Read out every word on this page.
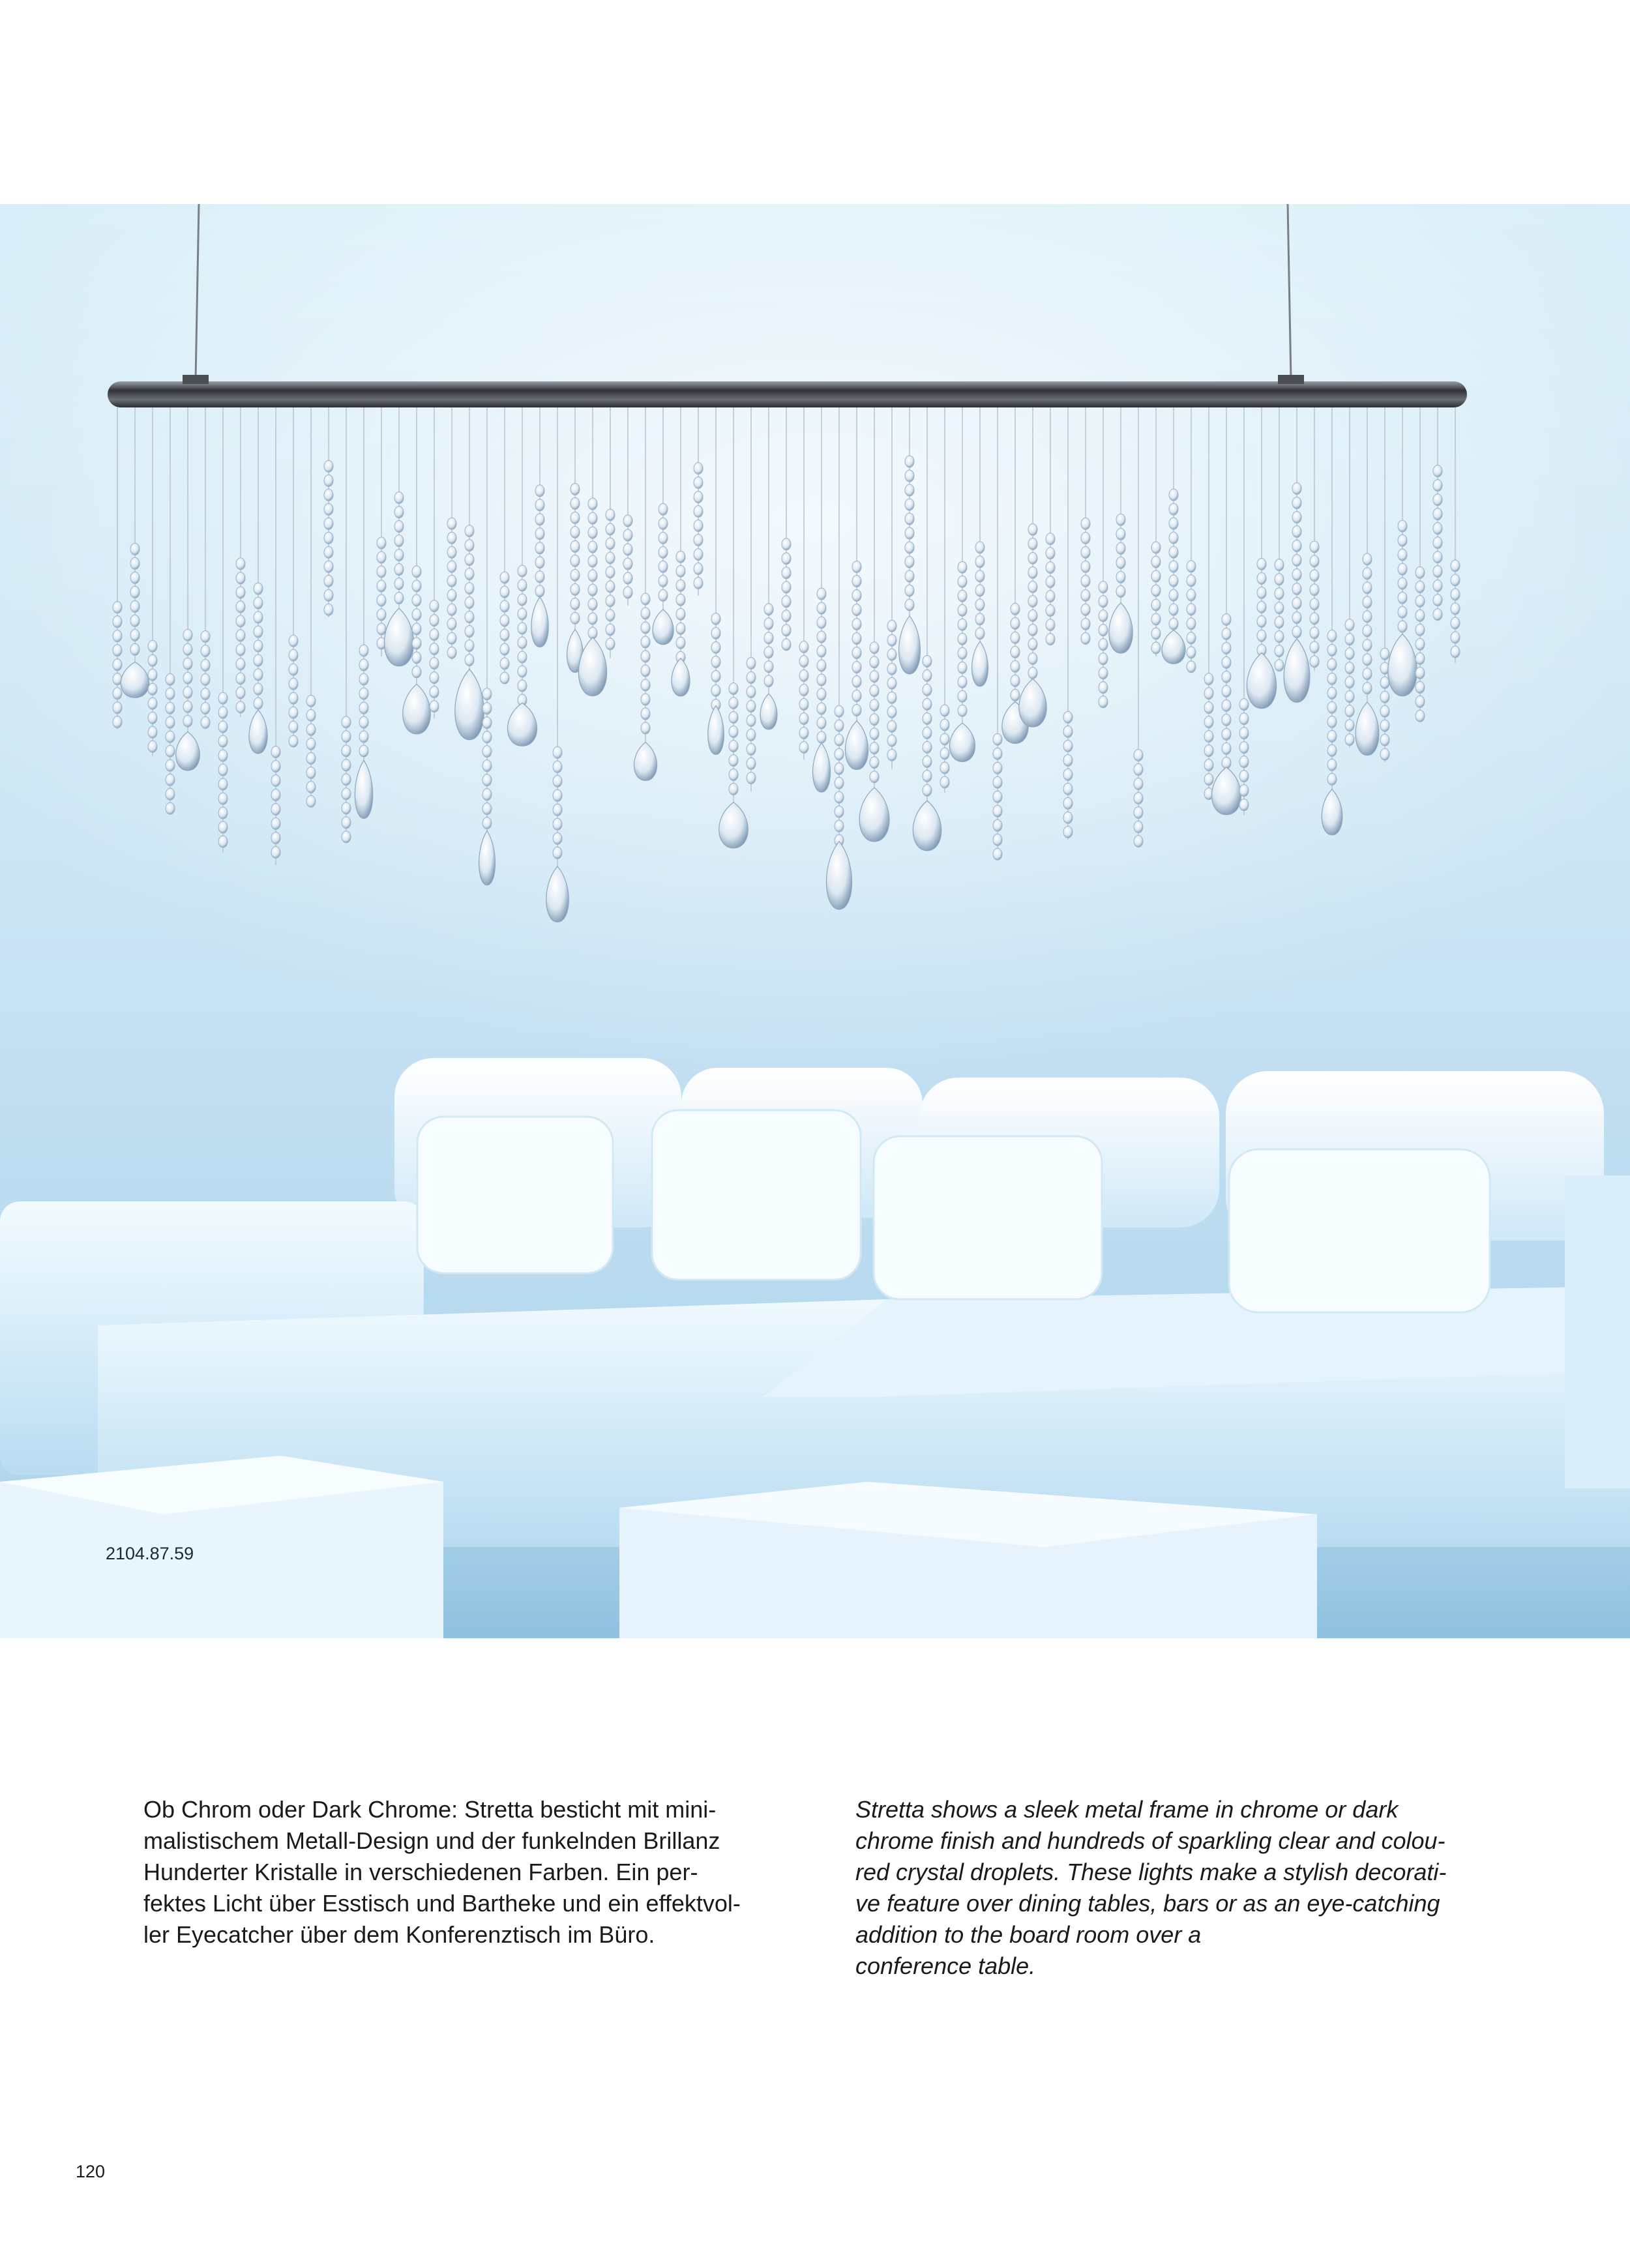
2104.87.59

Ob Chrom oder Dark Chrome: Stretta besticht mit mini-

malistischem Metall-Design und der funkelnden Brillanz

Hunderter Kristalle in verschiedenen Farben. Ein per-

fektes Licht über Esstisch und Bartheke und ein effektvol-

ler Eyecatcher über dem Konferenztisch im Büro.

Stretta shows a sleek metal frame in chrome or dark

chrome finish and hundreds of sparkling clear and colou-

red crystal droplets. These lights make a stylish decorati-

ve feature over dining tables, bars or as an eye-catching

addition to the board room over a

conference table.

120
